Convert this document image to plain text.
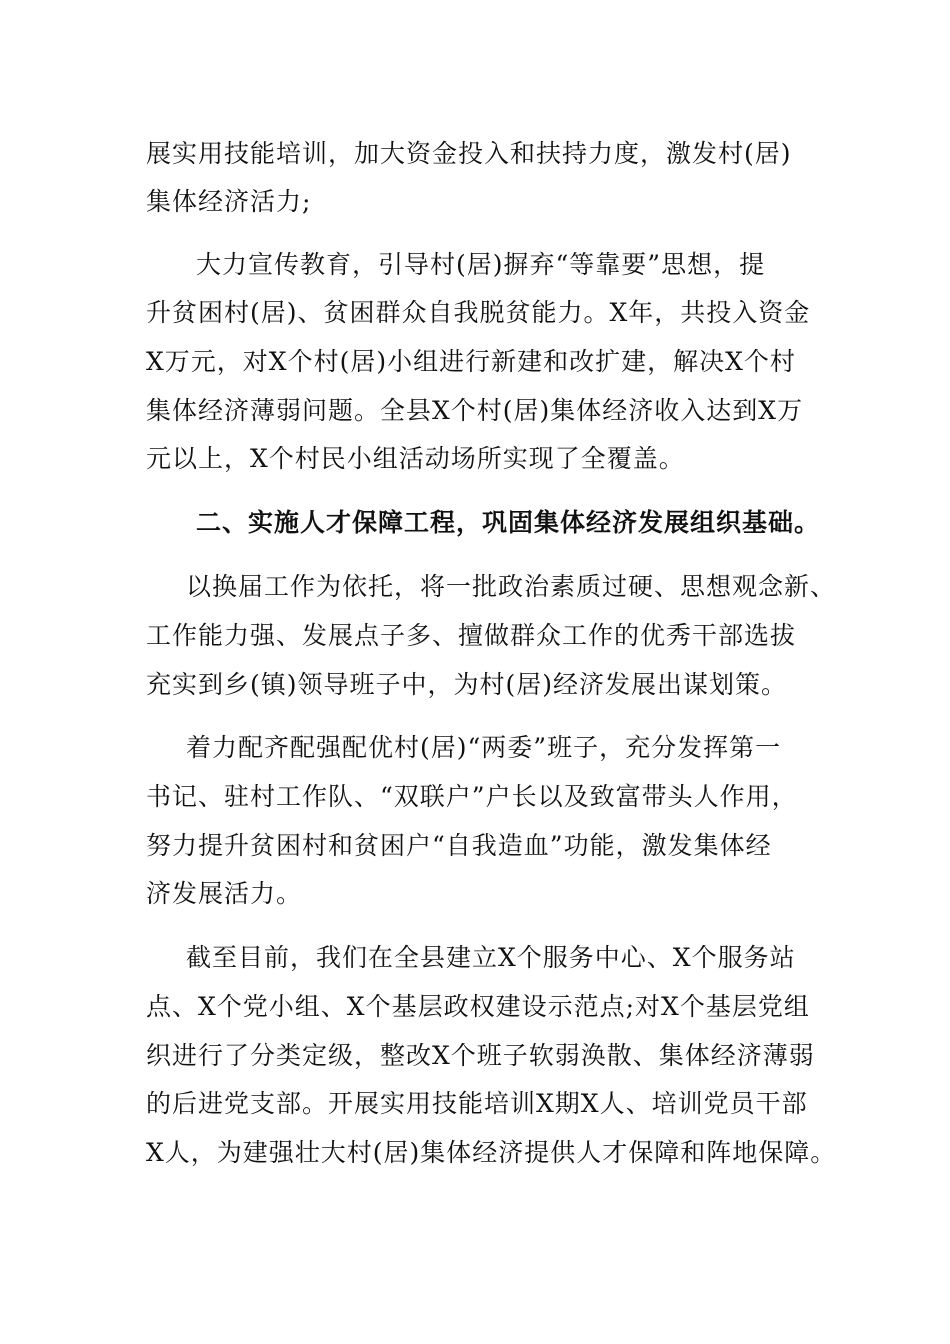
展实用技能培训，加大资金投入和扶持力度，激发村(居)
集体经济活力;
大力宣传教育，引导村(居)摒弃“等靠要”思想，提
升贫困村(居)、贫困群众自我脱贫能力。X年，共投入资金
X万元，对X个村(居)小组进行新建和改扩建，解决X个村
集体经济薄弱问题。全县X个村(居)集体经济收入达到X万
元以上，X个村民小组活动场所实现了全覆盖。
二、实施人才保障工程，巩固集体经济发展组织基础。
以换届工作为依托，将一批政治素质过硬、思想观念新、
工作能力强、发展点子多、擅做群众工作的优秀干部选拔
充实到乡(镇)领导班子中，为村(居)经济发展出谋划策。
着力配齐配强配优村(居)“两委”班子，充分发挥第一
书记、驻村工作队、“双联户”户长以及致富带头人作用，
努力提升贫困村和贫困户“自我造血”功能，激发集体经
济发展活力。
截至目前，我们在全县建立X个服务中心、X个服务站
点、X个党小组、X个基层政权建设示范点;对X个基层党组
织进行了分类定级，整改X个班子软弱涣散、集体经济薄弱
的后进党支部。开展实用技能培训X期X人、培训党员干部
X人，为建强壮大村(居)集体经济提供人才保障和阵地保障。
